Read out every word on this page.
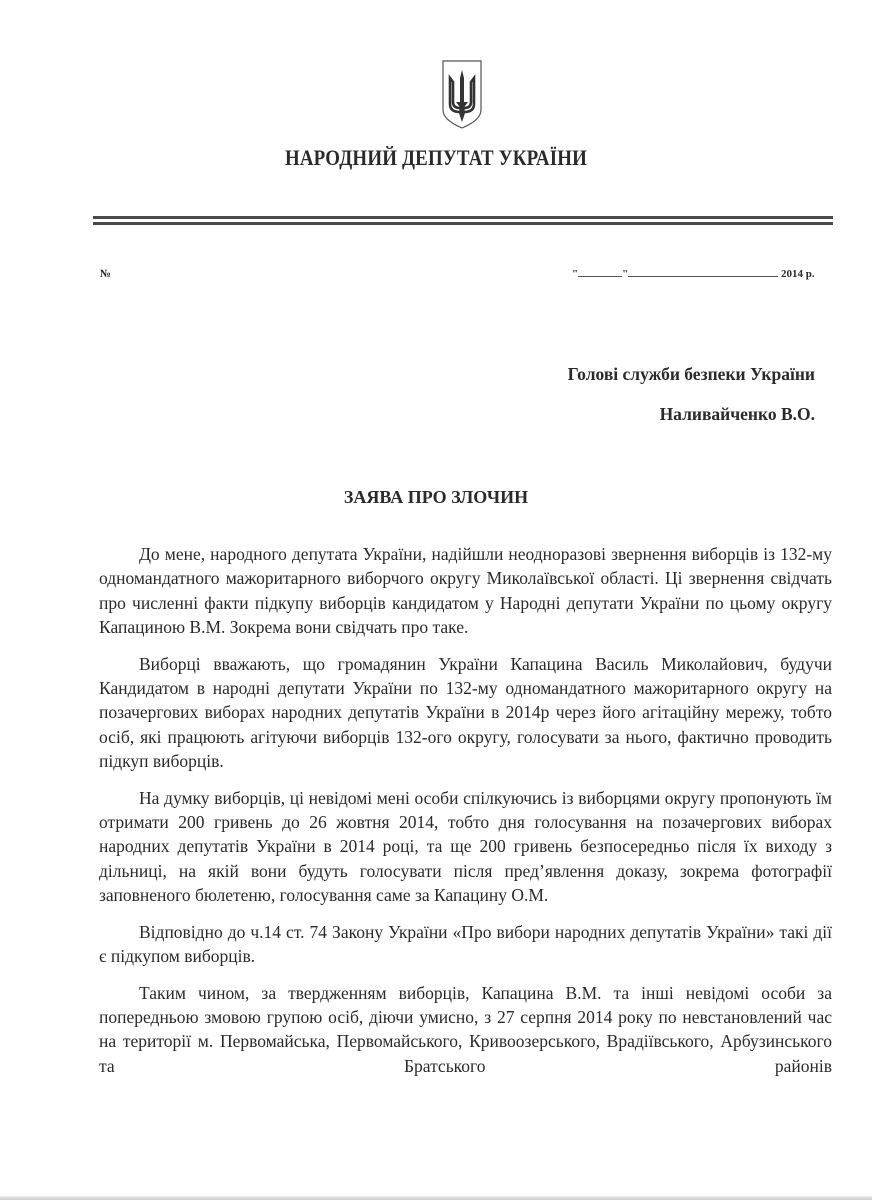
НАРОДНИЙ ДЕПУТАТ УКРАЇНИ
№	"	"	2014 р.
Голові служби безпеки України
Наливайченко В.О.
ЗАЯВА ПРО ЗЛОЧИН

До мене, народного депутата України, надійшли неодноразові звернення виборців із 132-му одномандатного мажоритарного виборчого округу Миколаївської області. Ці звернення свідчать про численні факти підкупу виборців кандидатом у Народні депутати України по цьому округу Капациною В.М. Зокрема вони свідчать про таке.

Виборці вважають, що громадянин України Капацина Василь Миколайович, будучи Кандидатом в народні депутати України по 132-му одномандатного мажоритарного округу на позачергових виборах народних депутатів України в 2014р через його агітаційну мережу, тобто осіб, які працюють агітуючи виборців 132-ого округу, голосувати за нього, фактично проводить підкуп виборців.

На думку виборців, ці невідомі мені особи спілкуючись із виборцями округу пропонують їм отримати 200 гривень до 26 жовтня 2014, тобто дня голосування на позачергових виборах народних депутатів України в 2014 році, та ще 200 гривень безпосередньо після їх виходу з дільниці, на якій вони будуть голосувати після пред’явлення доказу, зокрема фотографії заповненого бюлетеню, голосування саме за Капацину О.М.

Відповідно до ч.14 ст. 74 Закону України «Про вибори народних депутатів України» такі дії є підкупом виборців.

Таким чином, за твердженням виборців, Капацина В.М. та інші невідомі особи за попередньою змовою групою осіб, діючи умисно, з 27 серпня 2014 року по невстановлений час на території м. Первомайська, Первомайського, Кривоозерського, Врадіївського, Арбузинського та Братського районів
